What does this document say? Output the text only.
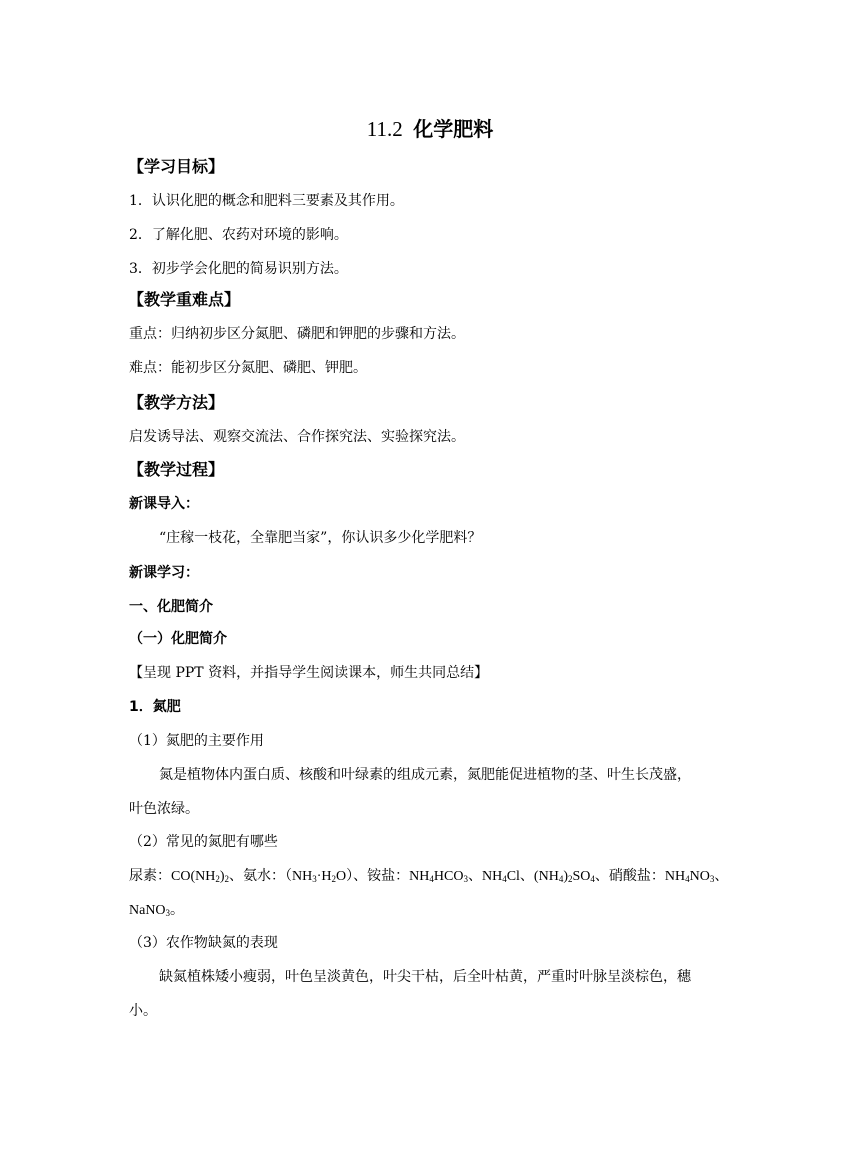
11.2 化学肥料
【学习目标】
1．认识化肥的概念和肥料三要素及其作用。
2．了解化肥、农药对环境的影响。
3．初步学会化肥的简易识别方法。
【教学重难点】
重点：归纳初步区分氮肥、磷肥和钾肥的步骤和方法。
难点：能初步区分氮肥、磷肥、钾肥。
【教学方法】
启发诱导法、观察交流法、合作探究法、实验探究法。
【教学过程】
新课导入：
“庄稼一枝花，全靠肥当家”，你认识多少化学肥料？
新课学习：
一、化肥简介
（一）化肥简介
【呈现 PPT 资料，并指导学生阅读课本，师生共同总结】
1．氮肥
（1）氮肥的主要作用
氮是植物体内蛋白质、核酸和叶绿素的组成元素，氮肥能促进植物的茎、叶生长茂盛，
叶色浓绿。
（2）常见的氮肥有哪些
尿素：$CO(NH_2)_2$、氨水：$(NH_3\cdot H_2O)$、铵盐：$NH_4HCO_3$、$NH_4Cl$、$(NH_4)_2SO_4$、硝酸盐：$NH_4NO_3$、
NaNO$_3$。
（3）农作物缺氮的表现
缺氮植株矮小瘦弱，叶色呈淡黄色，叶尖干枯，后全叶枯黄，严重时叶脉呈淡棕色，穗
小。
